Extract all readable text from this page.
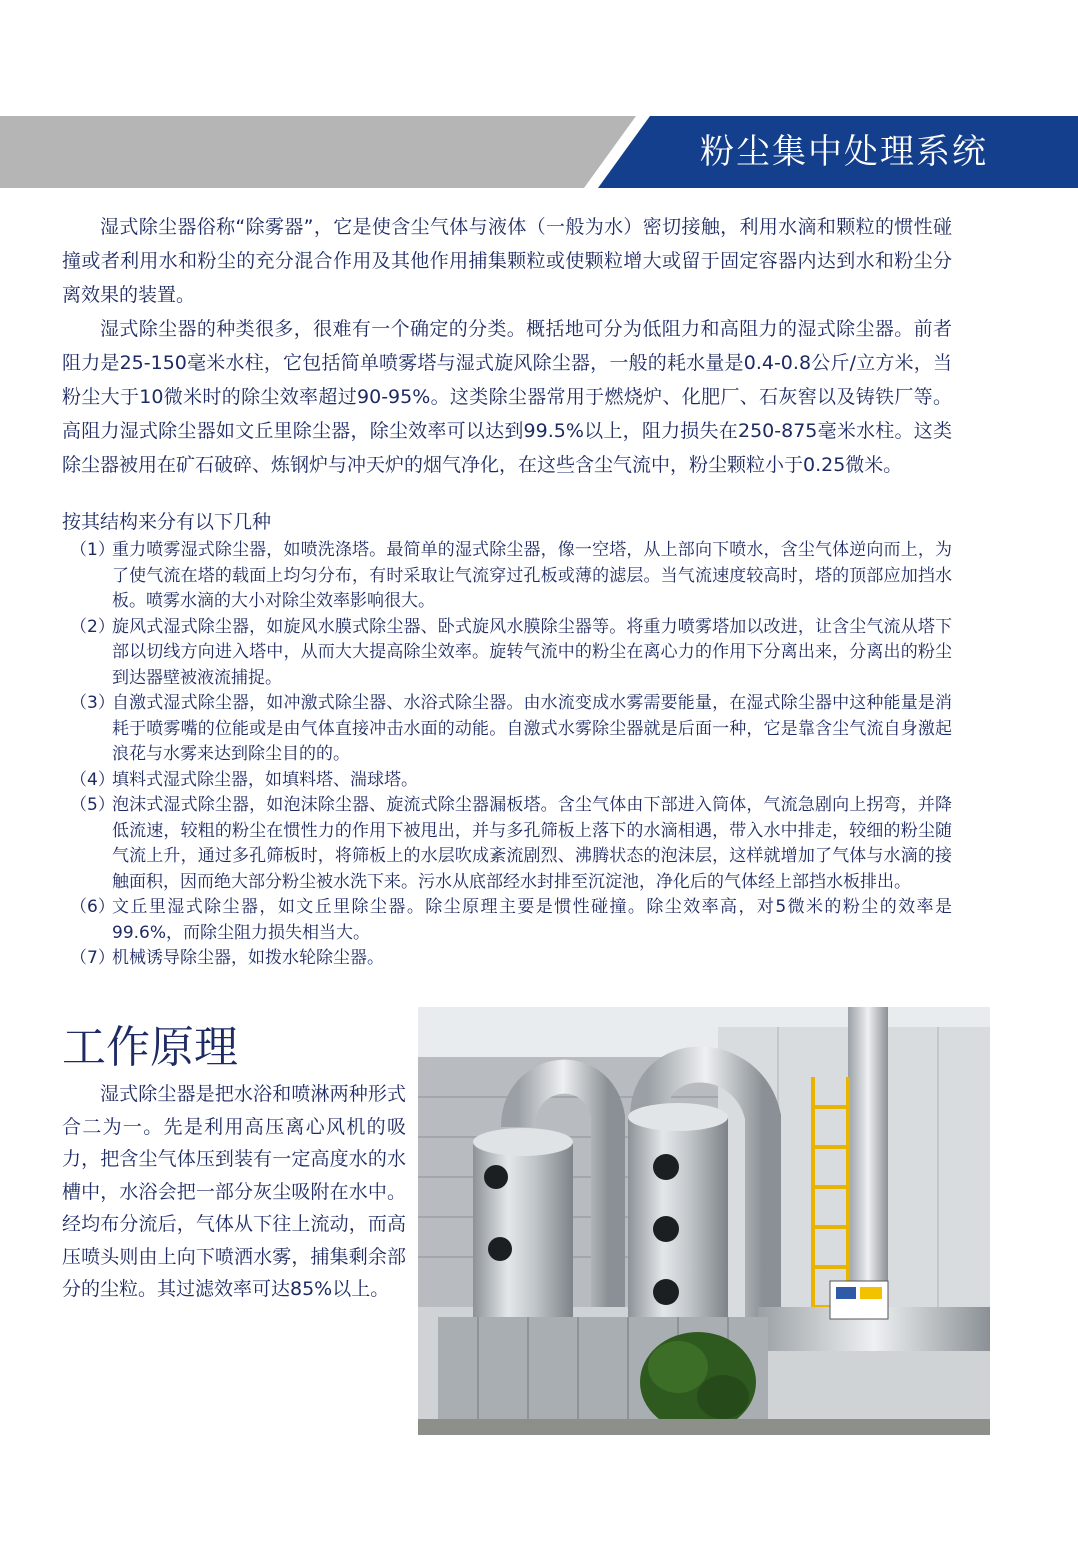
粉尘集中处理系统

湿式除尘器俗称“除雾器”，它是使含尘气体与液体（一般为水）密切接触，利用水滴和颗粒的惯性碰撞或者利用水和粉尘的充分混合作用及其他作用捕集颗粒或使颗粒增大或留于固定容器内达到水和粉尘分离效果的装置。

湿式除尘器的种类很多，很难有一个确定的分类。概括地可分为低阻力和高阻力的湿式除尘器。前者阻力是25-150毫米水柱，它包括简单喷雾塔与湿式旋风除尘器，一般的耗水量是0.4-0.8公斤/立方米，当粉尘大于10微米时的除尘效率超过90-95%。这类除尘器常用于燃烧炉、化肥厂、石灰窖以及铸铁厂等。高阻力湿式除尘器如文丘里除尘器，除尘效率可以达到99.5%以上，阻力损失在250-875毫米水柱。这类除尘器被用在矿石破碎、炼钢炉与冲天炉的烟气净化，在这些含尘气流中，粉尘颗粒小于0.25微米。

按其结构来分有以下几种

（1）
重力喷雾湿式除尘器，如喷洗涤塔。最简单的湿式除尘器，像一空塔，从上部向下喷水，含尘气体逆向而上，为了使气流在塔的载面上均匀分布，有时采取让气流穿过孔板或薄的滤层。当气流速度较高时，塔的顶部应加挡水板。喷雾水滴的大小对除尘效率影响很大。
（2）
旋风式湿式除尘器，如旋风水膜式除尘器、卧式旋风水膜除尘器等。将重力喷雾塔加以改进，让含尘气流从塔下部以切线方向进入塔中，从而大大提高除尘效率。旋转气流中的粉尘在离心力的作用下分离出来，分离出的粉尘到达器壁被液流捕捉。
（3）
自激式湿式除尘器，如冲激式除尘器、水浴式除尘器。由水流变成水雾需要能量，在湿式除尘器中这种能量是消耗于喷雾嘴的位能或是由气体直接冲击水面的动能。自激式水雾除尘器就是后面一种，它是靠含尘气流自身激起浪花与水雾来达到除尘目的的。
（4）
填料式湿式除尘器，如填料塔、湍球塔。
（5）
泡沫式湿式除尘器，如泡沫除尘器、旋流式除尘器漏板塔。含尘气体由下部进入筒体，气流急剧向上拐弯，并降低流速，较粗的粉尘在惯性力的作用下被甩出，并与多孔筛板上落下的水滴相遇，带入水中排走，较细的粉尘随气流上升，通过多孔筛板时，将筛板上的水层吹成紊流剧烈、沸腾状态的泡沫层，这样就增加了气体与水滴的接触面积，因而绝大部分粉尘被水洗下来。污水从底部经水封排至沉淀池，净化后的气体经上部挡水板排出。
（6）
文丘里湿式除尘器，如文丘里除尘器。除尘原理主要是惯性碰撞。除尘效率高，对5微米的粉尘的效率是99.6%，而除尘阻力损失相当大。
（7）
机械诱导除尘器，如拨水轮除尘器。
工作原理

湿式除尘器是把水浴和喷淋两种形式合二为一。先是利用高压离心风机的吸力，把含尘气体压到装有一定高度水的水槽中，水浴会把一部分灰尘吸附在水中。经均布分流后，气体从下往上流动，而高压喷头则由上向下喷洒水雾，捕集剩余部分的尘粒。其过滤效率可达85%以上。
